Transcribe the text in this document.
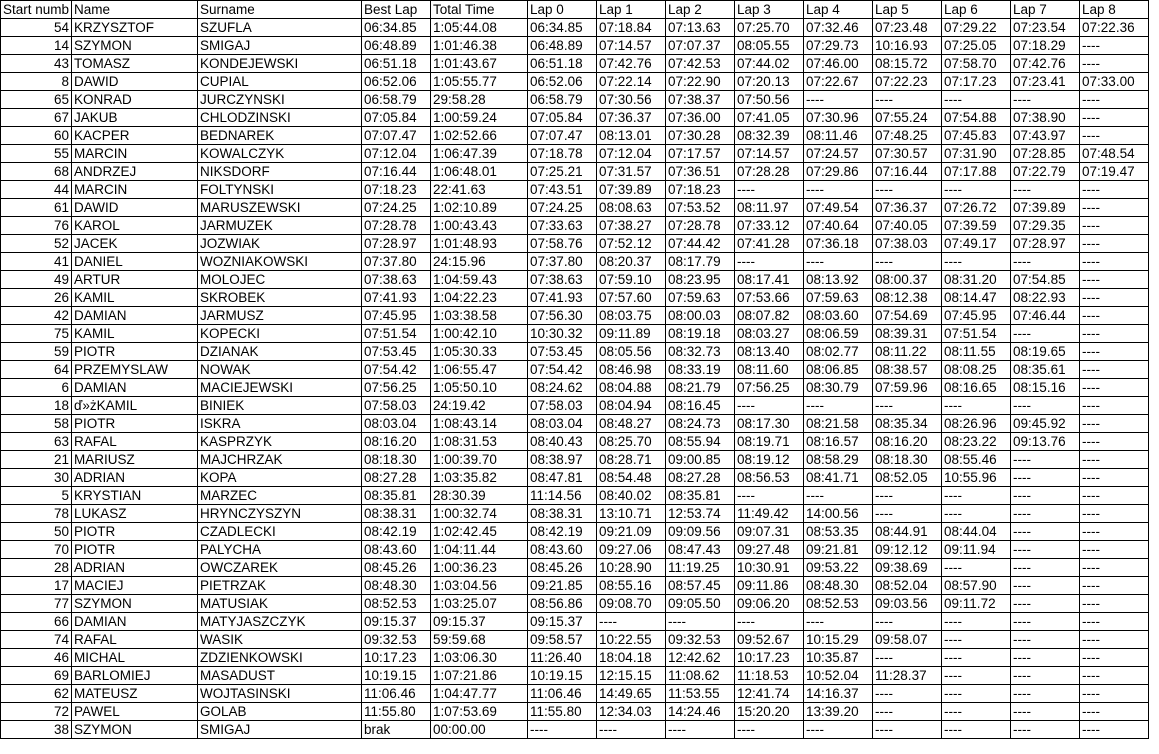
Start numb	Name	Surname	Best Lap	Total Time	Lap 0	Lap 1	Lap 2	Lap 3	Lap 4	Lap 5	Lap 6	Lap 7	Lap 8
54	KRZYSZTOF	SZUFLA	06:34.85	1:05:44.08	06:34.85	07:18.84	07:13.63	07:25.70	07:32.46	07:23.48	07:29.22	07:23.54	07:22.36
14	SZYMON	SMIGAJ	06:48.89	1:01:46.38	06:48.89	07:14.57	07:07.37	08:05.55	07:29.73	10:16.93	07:25.05	07:18.29	----
43	TOMASZ	KONDEJEWSKI	06:51.18	1:01:43.67	06:51.18	07:42.76	07:42.53	07:44.02	07:46.00	08:15.72	07:58.70	07:42.76	----
8	DAWID	CUPIAL	06:52.06	1:05:55.77	06:52.06	07:22.14	07:22.90	07:20.13	07:22.67	07:22.23	07:17.23	07:23.41	07:33.00
65	KONRAD	JURCZYNSKI	06:58.79	29:58.28	06:58.79	07:30.56	07:38.37	07:50.56	----	----	----	----	----
67	JAKUB	CHLODZINSKI	07:05.84	1:00:59.24	07:05.84	07:36.37	07:36.00	07:41.05	07:30.96	07:55.24	07:54.88	07:38.90	----
60	KACPER	BEDNAREK	07:07.47	1:02:52.66	07:07.47	08:13.01	07:30.28	08:32.39	08:11.46	07:48.25	07:45.83	07:43.97	----
55	MARCIN	KOWALCZYK	07:12.04	1:06:47.39	07:18.78	07:12.04	07:17.57	07:14.57	07:24.57	07:30.57	07:31.90	07:28.85	07:48.54
68	ANDRZEJ	NIKSDORF	07:16.44	1:06:48.01	07:25.21	07:31.57	07:36.51	07:28.28	07:29.86	07:16.44	07:17.88	07:22.79	07:19.47
44	MARCIN	FOLTYNSKI	07:18.23	22:41.63	07:43.51	07:39.89	07:18.23	----	----	----	----	----	----
61	DAWID	MARUSZEWSKI	07:24.25	1:02:10.89	07:24.25	08:08.63	07:53.52	08:11.97	07:49.54	07:36.37	07:26.72	07:39.89	----
76	KAROL	JARMUZEK	07:28.78	1:00:43.43	07:33.63	07:38.27	07:28.78	07:33.12	07:40.64	07:40.05	07:39.59	07:29.35	----
52	JACEK	JOZWIAK	07:28.97	1:01:48.93	07:58.76	07:52.12	07:44.42	07:41.28	07:36.18	07:38.03	07:49.17	07:28.97	----
41	DANIEL	WOZNIAKOWSKI	07:37.80	24:15.96	07:37.80	08:20.37	08:17.79	----	----	----	----	----	----
49	ARTUR	MOLOJEC	07:38.63	1:04:59.43	07:38.63	07:59.10	08:23.95	08:17.41	08:13.92	08:00.37	08:31.20	07:54.85	----
26	KAMIL	SKROBEK	07:41.93	1:04:22.23	07:41.93	07:57.60	07:59.63	07:53.66	07:59.63	08:12.38	08:14.47	08:22.93	----
42	DAMIAN	JARMUSZ	07:45.95	1:03:38.58	07:56.30	08:03.75	08:00.03	08:07.82	08:03.60	07:54.69	07:45.95	07:46.44	----
75	KAMIL	KOPECKI	07:51.54	1:00:42.10	10:30.32	09:11.89	08:19.18	08:03.27	08:06.59	08:39.31	07:51.54	----	----
59	PIOTR	DZIANAK	07:53.45	1:05:30.33	07:53.45	08:05.56	08:32.73	08:13.40	08:02.77	08:11.22	08:11.55	08:19.65	----
64	PRZEMYSLAW	NOWAK	07:54.42	1:06:55.47	07:54.42	08:46.98	08:33.19	08:11.60	08:06.85	08:38.57	08:08.25	08:35.61	----
6	DAMIAN	MACIEJEWSKI	07:56.25	1:05:50.10	08:24.62	08:04.88	08:21.79	07:56.25	08:30.79	07:59.96	08:16.65	08:15.16	----
18	ď»żKAMIL	BINIEK	07:58.03	24:19.42	07:58.03	08:04.94	08:16.45	----	----	----	----	----	----
58	PIOTR	ISKRA	08:03.04	1:08:43.14	08:03.04	08:48.27	08:24.73	08:17.30	08:21.58	08:35.34	08:26.96	09:45.92	----
63	RAFAL	KASPRZYK	08:16.20	1:08:31.53	08:40.43	08:25.70	08:55.94	08:19.71	08:16.57	08:16.20	08:23.22	09:13.76	----
21	MARIUSZ	MAJCHRZAK	08:18.30	1:00:39.70	08:38.97	08:28.71	09:00.85	08:19.12	08:58.29	08:18.30	08:55.46	----	----
30	ADRIAN	KOPA	08:27.28	1:03:35.82	08:47.81	08:54.48	08:27.28	08:56.53	08:41.71	08:52.05	10:55.96	----	----
5	KRYSTIAN	MARZEC	08:35.81	28:30.39	11:14.56	08:40.02	08:35.81	----	----	----	----	----	----
78	LUKASZ	HRYNCZYSZYN	08:38.31	1:00:32.74	08:38.31	13:10.71	12:53.74	11:49.42	14:00.56	----	----	----	----
50	PIOTR	CZADLECKI	08:42.19	1:02:42.45	08:42.19	09:21.09	09:09.56	09:07.31	08:53.35	08:44.91	08:44.04	----	----
70	PIOTR	PALYCHA	08:43.60	1:04:11.44	08:43.60	09:27.06	08:47.43	09:27.48	09:21.81	09:12.12	09:11.94	----	----
28	ADRIAN	OWCZAREK	08:45.26	1:00:36.23	08:45.26	10:28.90	11:19.25	10:30.91	09:53.22	09:38.69	----	----	----
17	MACIEJ	PIETRZAK	08:48.30	1:03:04.56	09:21.85	08:55.16	08:57.45	09:11.86	08:48.30	08:52.04	08:57.90	----	----
77	SZYMON	MATUSIAK	08:52.53	1:03:25.07	08:56.86	09:08.70	09:05.50	09:06.20	08:52.53	09:03.56	09:11.72	----	----
66	DAMIAN	MATYJASZCZYK	09:15.37	09:15.37	09:15.37	----	----	----	----	----	----	----	----
74	RAFAL	WASIK	09:32.53	59:59.68	09:58.57	10:22.55	09:32.53	09:52.67	10:15.29	09:58.07	----	----	----
46	MICHAL	ZDZIENKOWSKI	10:17.23	1:03:06.30	11:26.40	18:04.18	12:42.62	10:17.23	10:35.87	----	----	----	----
69	BARLOMIEJ	MASADUST	10:19.15	1:07:21.86	10:19.15	12:15.15	11:08.62	11:18.53	10:52.04	11:28.37	----	----	----
62	MATEUSZ	WOJTASINSKI	11:06.46	1:04:47.77	11:06.46	14:49.65	11:53.55	12:41.74	14:16.37	----	----	----	----
72	PAWEL	GOLAB	11:55.80	1:07:53.69	11:55.80	12:34.03	14:24.46	15:20.20	13:39.20	----	----	----	----
38	SZYMON	SMIGAJ	brak	00:00.00	----	----	----	----	----	----	----	----	----
